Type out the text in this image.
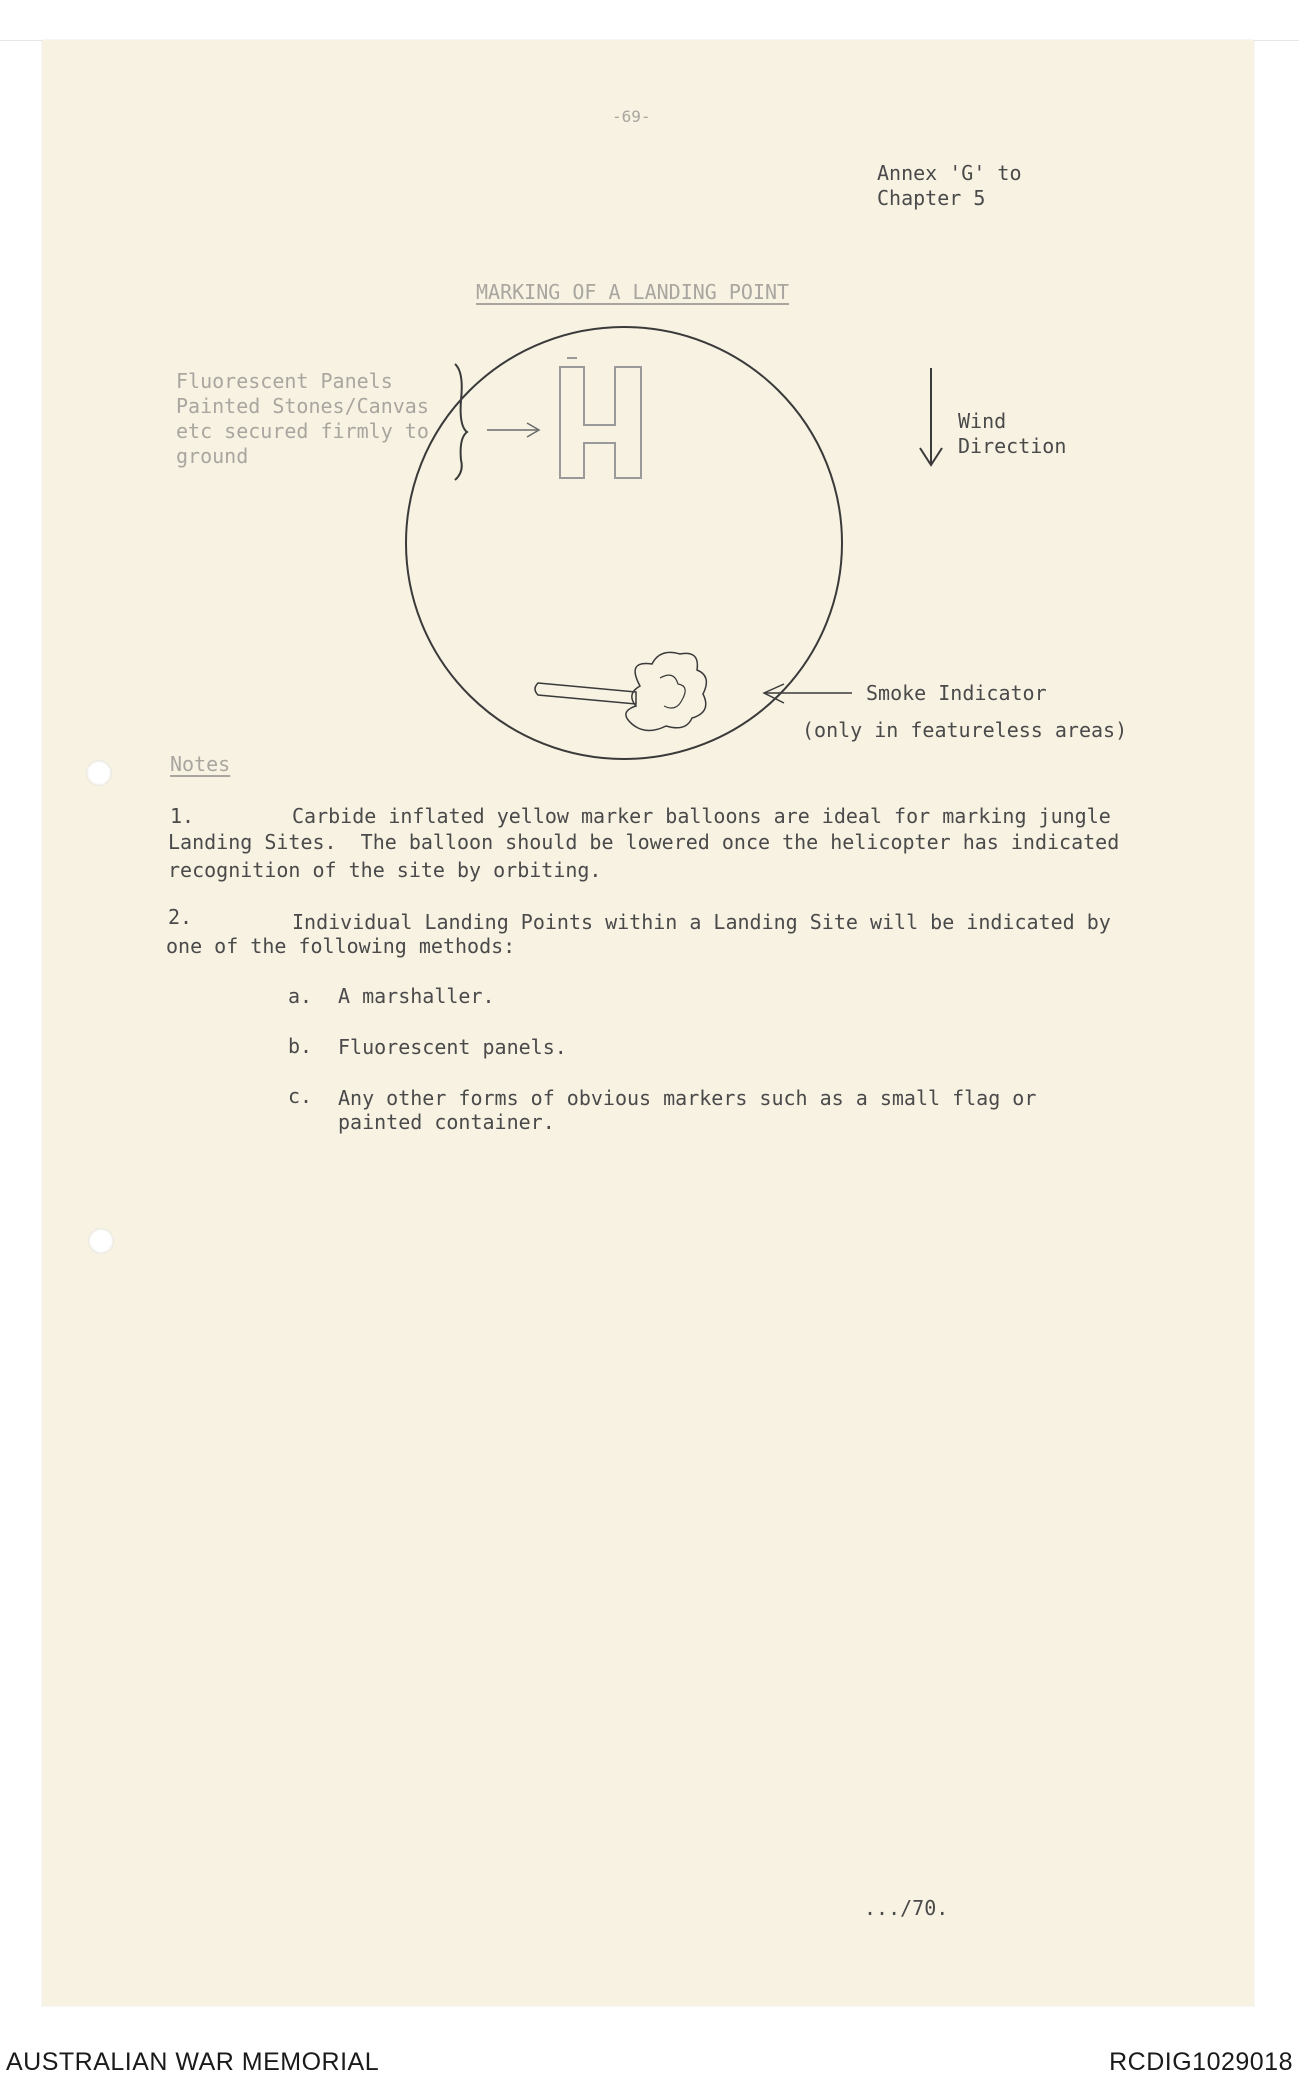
-69-
Annex 'G' to
Chapter 5
MARKING OF A LANDING POINT
Fluorescent Panels
Painted Stones/Canvas
etc secured firmly to
ground
Wind
Direction
Smoke Indicator
(only in featureless areas)
Notes
1.	Carbide inflated yellow marker balloons are ideal for marking jungle
Landing Sites.  The balloon should be lowered once the helicopter has indicated
recognition of the site by orbiting.
2.	Individual Landing Points within a Landing Site will be indicated by
one of the following methods:
a. A marshaller.
b. Fluorescent panels.
c. Any other forms of obvious markers such as a small flag or
painted container.
.../70.
AUSTRALIAN WAR MEMORIAL	RCDIG1029018
